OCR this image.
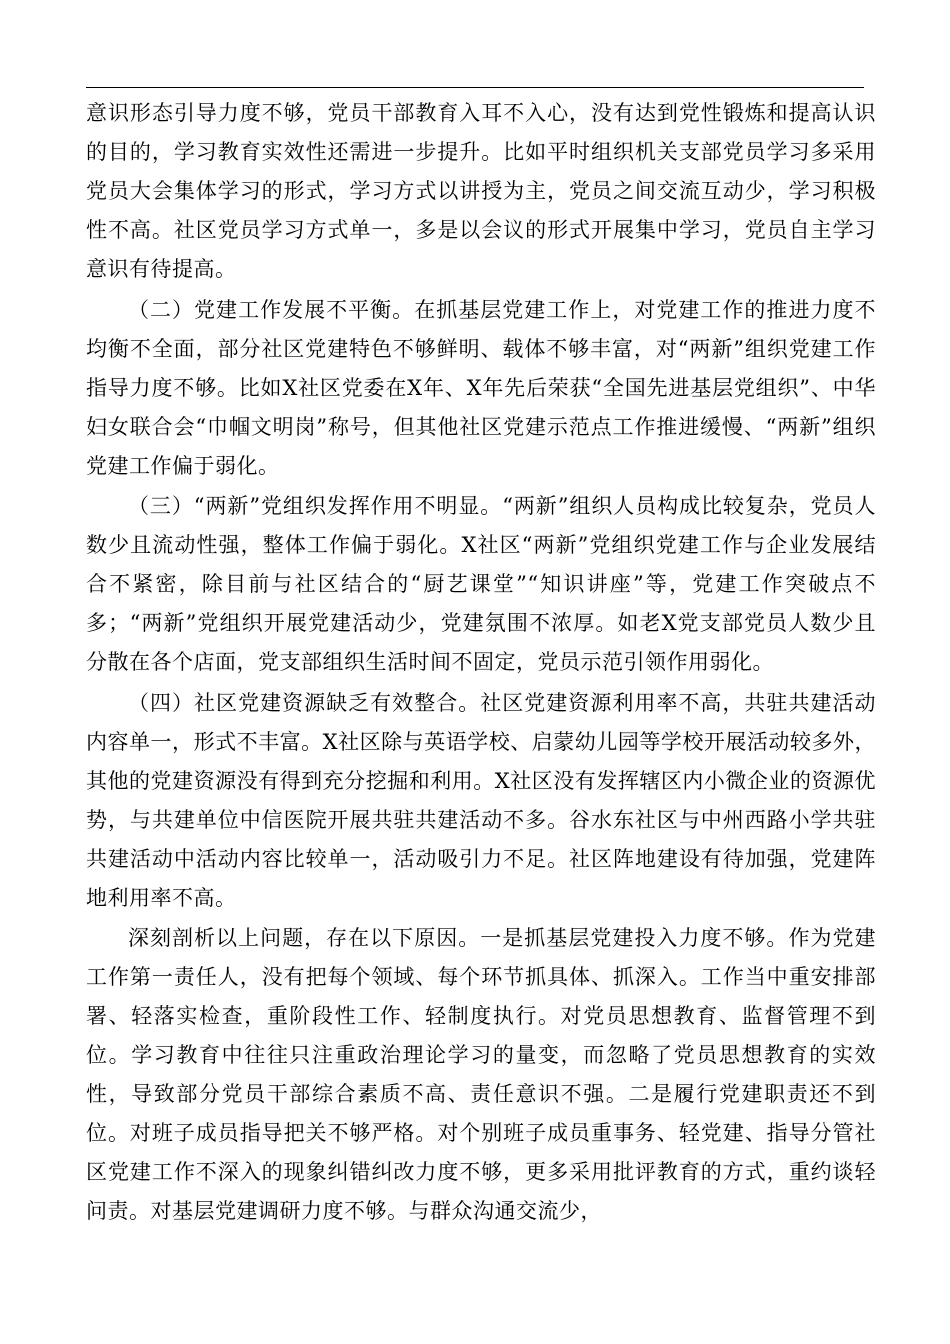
意识形态引导力度不够，党员干部教育入耳不入心，没有达到党性锻炼和提高认识的目的，学习教育实效性还需进一步提升。比如平时组织机关支部党员学习多采用党员大会集体学习的形式，学习方式以讲授为主，党员之间交流互动少，学习积极性不高。社区党员学习方式单一，多是以会议的形式开展集中学习，党员自主学习意识有待提高。

（二）党建工作发展不平衡。在抓基层党建工作上，对党建工作的推进力度不均衡不全面，部分社区党建特色不够鲜明、载体不够丰富，对“两新”组织党建工作指导力度不够。比如X社区党委在X年、X年先后荣获“全国先进基层党组织”、中华妇女联合会“巾帼文明岗”称号，但其他社区党建示范点工作推进缓慢、“两新”组织党建工作偏于弱化。

（三）“两新”党组织发挥作用不明显。“两新”组织人员构成比较复杂，党员人数少且流动性强，整体工作偏于弱化。X社区“两新”党组织党建工作与企业发展结合不紧密，除目前与社区结合的“厨艺课堂”“知识讲座”等，党建工作突破点不多；“两新”党组织开展党建活动少，党建氛围不浓厚。如老X党支部党员人数少且分散在各个店面，党支部组织生活时间不固定，党员示范引领作用弱化。

（四）社区党建资源缺乏有效整合。社区党建资源利用率不高，共驻共建活动内容单一，形式不丰富。X社区除与英语学校、启蒙幼儿园等学校开展活动较多外，其他的党建资源没有得到充分挖掘和利用。X社区没有发挥辖区内小微企业的资源优势，与共建单位中信医院开展共驻共建活动不多。谷水东社区与中州西路小学共驻共建活动中活动内容比较单一，活动吸引力不足。社区阵地建设有待加强，党建阵地利用率不高。

深刻剖析以上问题，存在以下原因。一是抓基层党建投入力度不够。作为党建工作第一责任人，没有把每个领域、每个环节抓具体、抓深入。工作当中重安排部署、轻落实检查，重阶段性工作、轻制度执行。对党员思想教育、监督管理不到位。学习教育中往往只注重政治理论学习的量变，而忽略了党员思想教育的实效性，导致部分党员干部综合素质不高、责任意识不强。二是履行党建职责还不到位。对班子成员指导把关不够严格。对个别班子成员重事务、轻党建、指导分管社区党建工作不深入的现象纠错纠改力度不够，更多采用批评教育的方式，重约谈轻问责。对基层党建调研力度不够。与群众沟通交流少，
